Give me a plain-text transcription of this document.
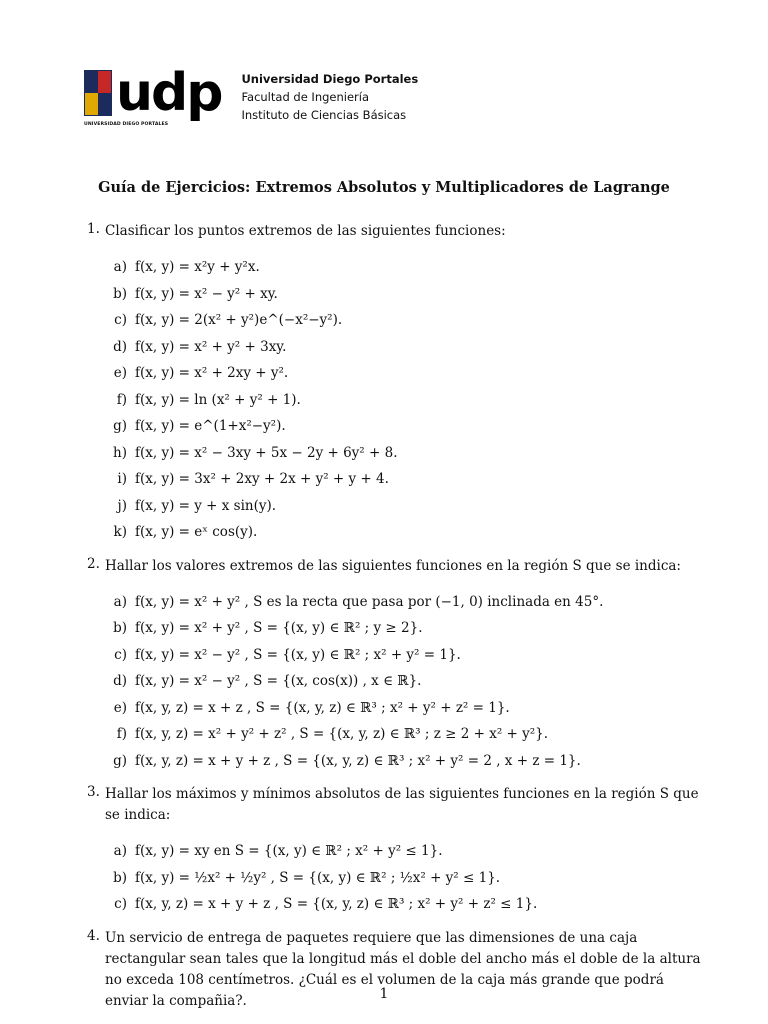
udp
UNIVERSIDAD DIEGO PORTALES
Universidad Diego Portales
Facultad de Ingeniería
Instituto de Ciencias Básicas
Guía de Ejercicios: Extremos Absolutos y Multiplicadores de Lagrange
1. Clasificar los puntos extremos de las siguientes funciones:
a) f(x, y) = x²y + y²x.
b) f(x, y) = x² − y² + xy.
c) f(x, y) = 2(x² + y²)e^(−x²−y²).
d) f(x, y) = x² + y² + 3xy.
e) f(x, y) = x² + 2xy + y².
f) f(x, y) = ln (x² + y² + 1).
g) f(x, y) = e^(1+x²−y²).
h) f(x, y) = x² − 3xy + 5x − 2y + 6y² + 8.
i) f(x, y) = 3x² + 2xy + 2x + y² + y + 4.
j) f(x, y) = y + x sin(y).
k) f(x, y) = eˣ cos(y).
2. Hallar los valores extremos de las siguientes funciones en la región S que se indica:
a) f(x, y) = x² + y² , S es la recta que pasa por (−1, 0) inclinada en 45°.
b) f(x, y) = x² + y² , S = {(x, y) ∈ ℝ² ; y ≥ 2}.
c) f(x, y) = x² − y² , S = {(x, y) ∈ ℝ² ; x² + y² = 1}.
d) f(x, y) = x² − y² , S = {(x, cos(x)) , x ∈ ℝ}.
e) f(x, y, z) = x + z , S = {(x, y, z) ∈ ℝ³ ; x² + y² + z² = 1}.
f) f(x, y, z) = x² + y² + z² , S = {(x, y, z) ∈ ℝ³ ; z ≥ 2 + x² + y²}.
g) f(x, y, z) = x + y + z , S = {(x, y, z) ∈ ℝ³ ; x² + y² = 2 , x + z = 1}.
3. Hallar los máximos y mínimos absolutos de las siguientes funciones en la región S que se indica:
a) f(x, y) = xy en S = {(x, y) ∈ ℝ² ; x² + y² ≤ 1}.
b) f(x, y) = ½x² + ½y² , S = {(x, y) ∈ ℝ² ; ½x² + y² ≤ 1}.
c) f(x, y, z) = x + y + z , S = {(x, y, z) ∈ ℝ³ ; x² + y² + z² ≤ 1}.
4. Un servicio de entrega de paquetes requiere que las dimensiones de una caja rectangular sean tales que la longitud más el doble del ancho más el doble de la altura no exceda 108 centímetros. ¿Cuál es el volumen de la caja más grande que podrá enviar la compañia?.	1
